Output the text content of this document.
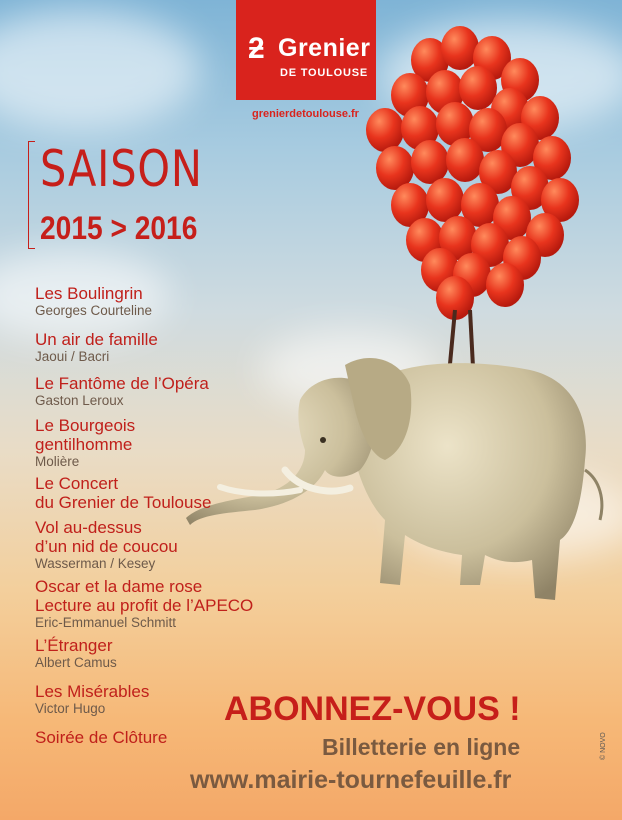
ƻ Grenier
DE TOULOUSE
grenierdetoulouse.fr
SAISON
2015 > 2016
Les Boulingrin
Georges Courteline
Un air de famille
Jaoui / Bacri
Le Fantôme de l’Opéra
Gaston Leroux
Le Bourgeois
gentilhomme
Molière
Le Concert
du Grenier de Toulouse
Vol au-dessus
d’un nid de coucou
Wasserman / Kesey
Oscar et la dame rose
Lecture au profit de l’APECO
Eric-Emmanuel Schmitt
L’Étranger
Albert Camus
Les Misérables
Victor Hugo
Soirée de Clôture
ABONNEZ-VOUS !
Billetterie en ligne
www.mairie-tournefeuille.fr
© NOVO
